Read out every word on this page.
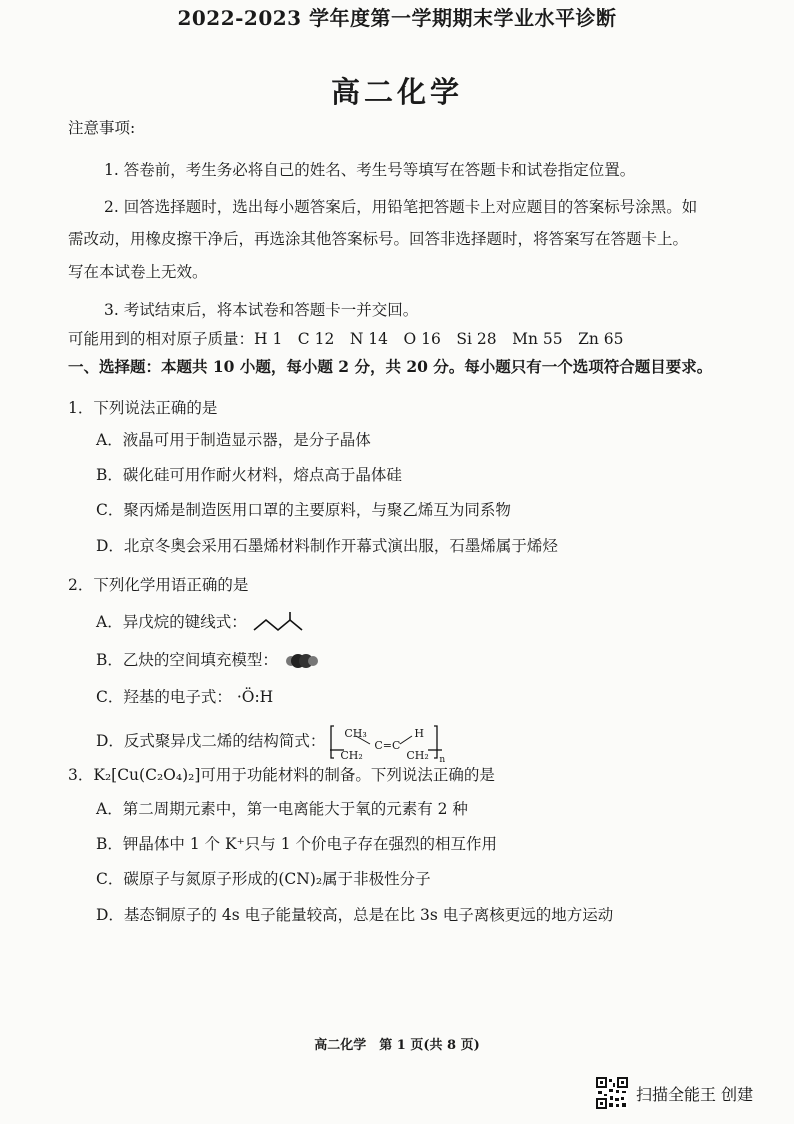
2022-2023 学年度第一学期期末学业水平诊断
高二化学
注意事项:
1. 答卷前，考生务必将自己的姓名、考生号等填写在答题卡和试卷指定位置。
2. 回答选择题时，选出每小题答案后，用铅笔把答题卡上对应题目的答案标号涂黑。如
需改动，用橡皮擦干净后，再选涂其他答案标号。回答非选择题时，将答案写在答题卡上。
写在本试卷上无效。
3. 考试结束后，将本试卷和答题卡一并交回。
可能用到的相对原子质量：H 1　C 12　N 14　O 16　Si 28　Mn 55　Zn 65
一、选择题：本题共 10 小题，每小题 2 分，共 20 分。每小题只有一个选项符合题目要求。
1．下列说法正确的是
A．液晶可用于制造显示器，是分子晶体
B．碳化硅可用作耐火材料，熔点高于晶体硅
C．聚丙烯是制造医用口罩的主要原料，与聚乙烯互为同系物
D．北京冬奥会采用石墨烯材料制作开幕式演出服，石墨烯属于烯烃
2．下列化学用语正确的是
A．异戊烷的键线式：
B．乙炔的空间填充模型：
C．羟基的电子式： ·Ö:H
D．反式聚异戊二烯的结构简式： CH₃	H
C=C
CH₂	CH₂ n
3．K₂[Cu(C₂O₄)₂]可用于功能材料的制备。下列说法正确的是
A．第二周期元素中，第一电离能大于氧的元素有 2 种
B．钾晶体中 1 个 K⁺只与 1 个价电子存在强烈的相互作用
C．碳原子与氮原子形成的(CN)₂属于非极性分子
D．基态铜原子的 4s 电子能量较高，总是在比 3s 电子离核更远的地方运动
高二化学　第 1 页(共 8 页)
扫描全能王 创建
